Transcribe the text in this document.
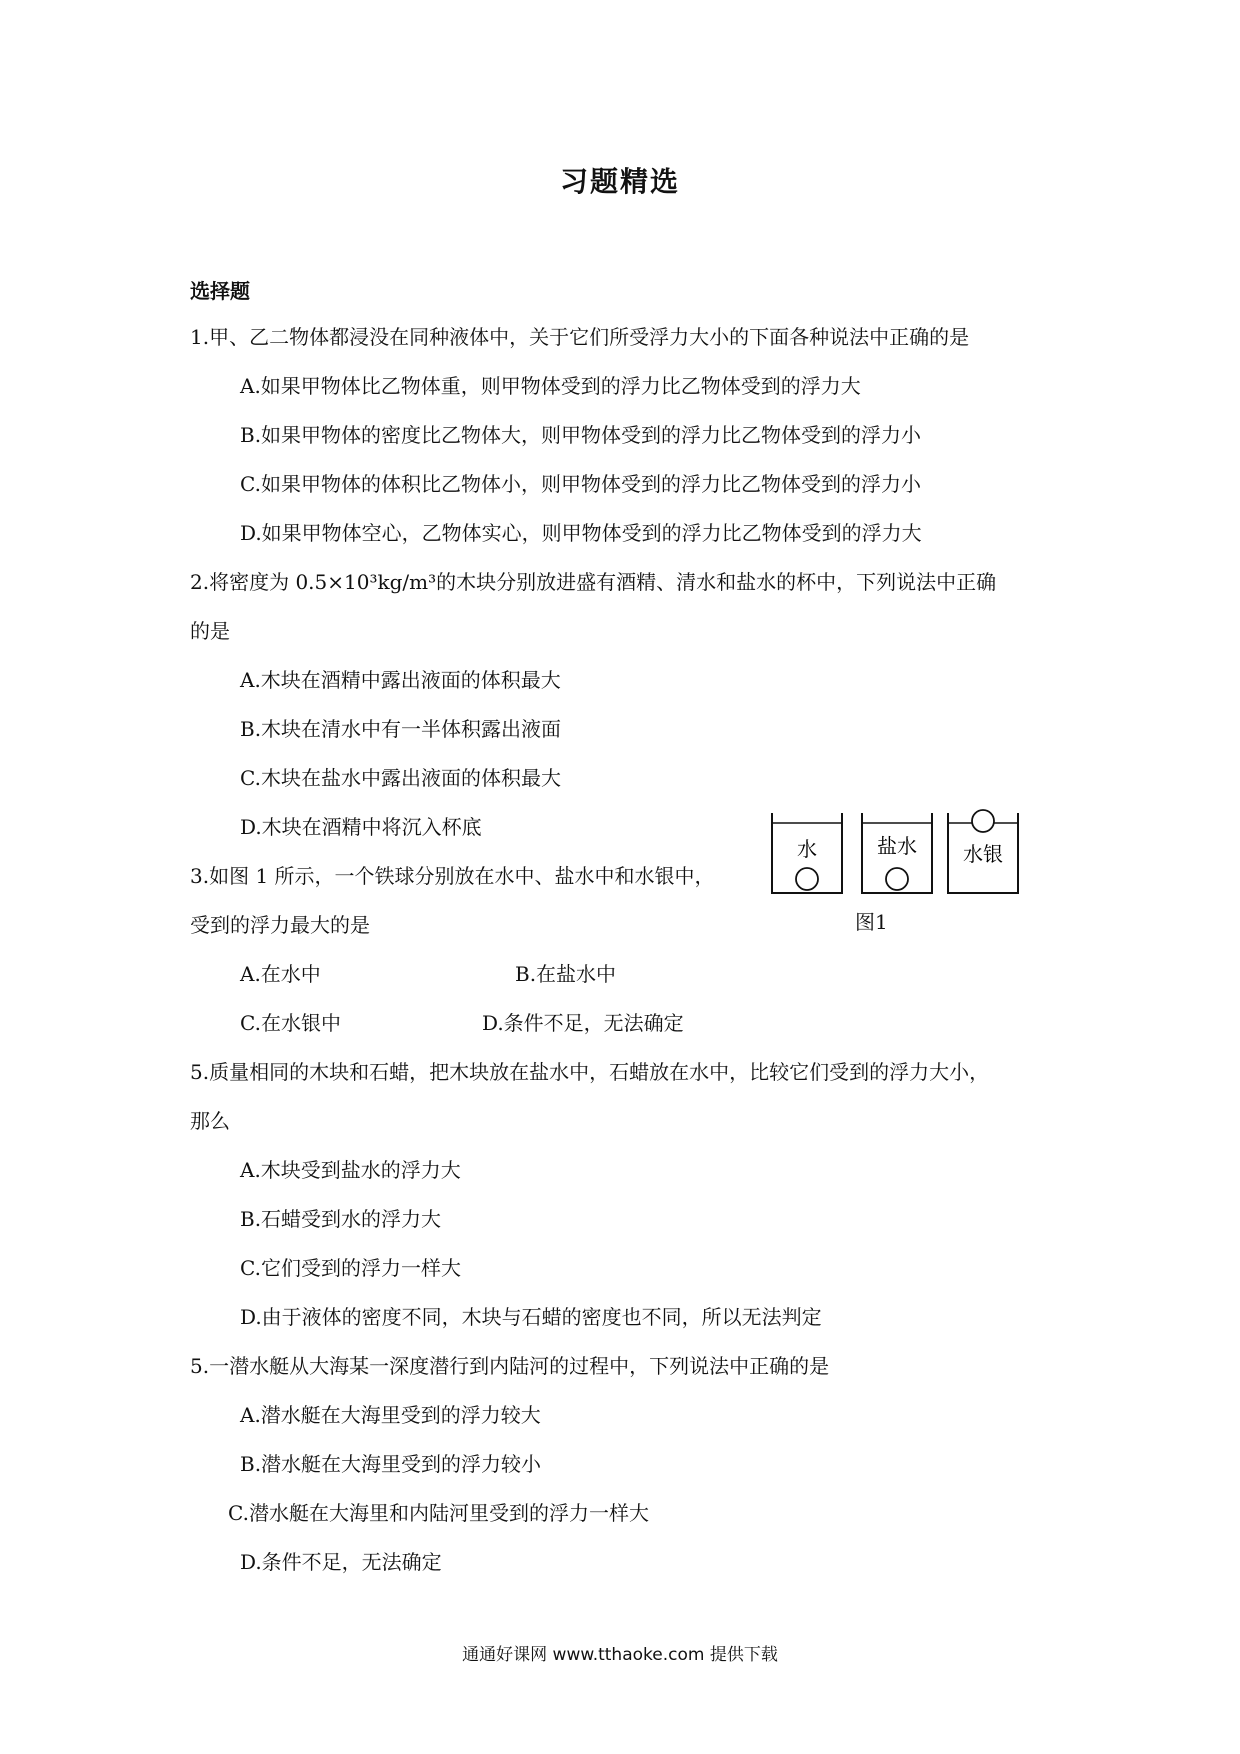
习题精选
选择题
1.甲、乙二物体都浸没在同种液体中，关于它们所受浮力大小的下面各种说法中正确的是
A.如果甲物体比乙物体重，则甲物体受到的浮力比乙物体受到的浮力大
B.如果甲物体的密度比乙物体大，则甲物体受到的浮力比乙物体受到的浮力小
C.如果甲物体的体积比乙物体小，则甲物体受到的浮力比乙物体受到的浮力小
D.如果甲物体空心，乙物体实心，则甲物体受到的浮力比乙物体受到的浮力大
2.将密度为 0.5×10³kg/m³的木块分别放进盛有酒精、清水和盐水的杯中，下列说法中正确
的是
A.木块在酒精中露出液面的体积最大
B.木块在清水中有一半体积露出液面
C.木块在盐水中露出液面的体积最大
D.木块在酒精中将沉入杯底
3.如图 1 所示，一个铁球分别放在水中、盐水中和水银中，
受到的浮力最大的是
A.在水中	B.在盐水中
C.在水银中	D.条件不足，无法确定
5.质量相同的木块和石蜡，把木块放在盐水中，石蜡放在水中，比较它们受到的浮力大小，
那么
A.木块受到盐水的浮力大
B.石蜡受到水的浮力大
C.它们受到的浮力一样大
D.由于液体的密度不同，木块与石蜡的密度也不同，所以无法判定
5.一潜水艇从大海某一深度潜行到内陆河的过程中，下列说法中正确的是
A.潜水艇在大海里受到的浮力较大
B.潜水艇在大海里受到的浮力较小
C.潜水艇在大海里和内陆河里受到的浮力一样大
D.条件不足，无法确定
水	盐水 水银
图1
通通好课网 www.tthaoke.com 提供下载
